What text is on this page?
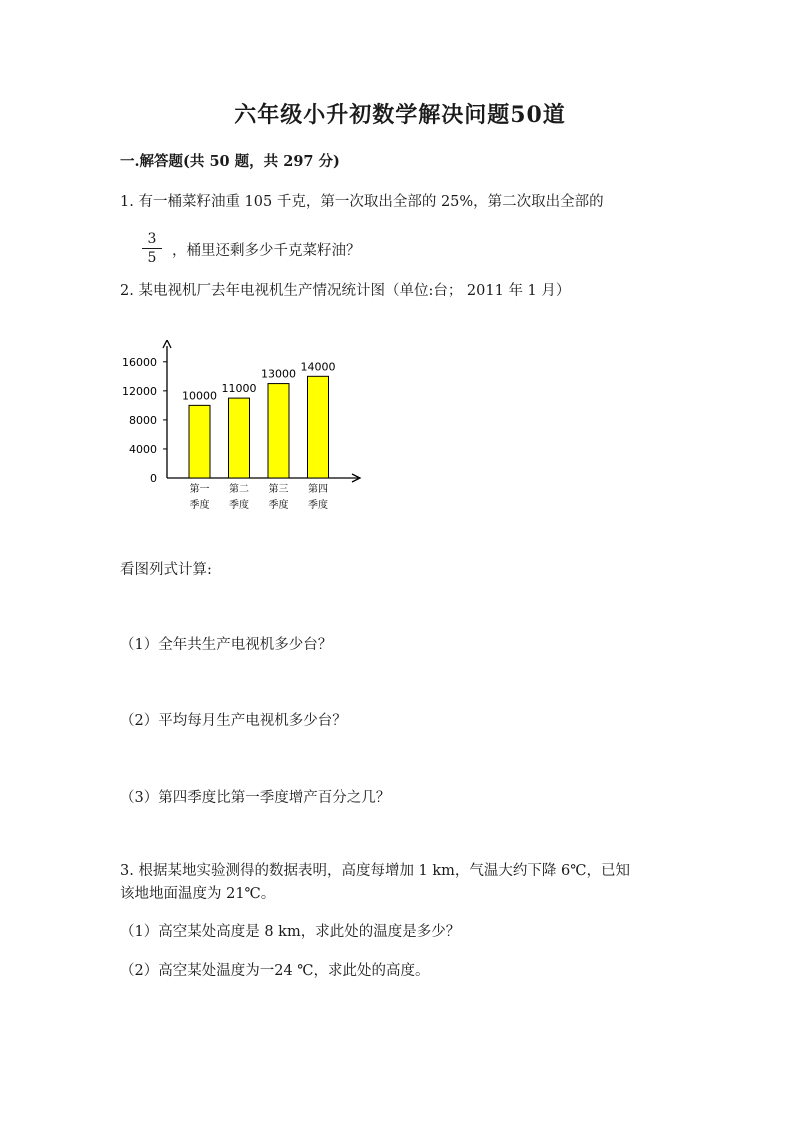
六年级小升初数学解决问题50道
一.解答题(共 50 题，共 297 分)
1. 有一桶菜籽油重 105 千克，第一次取出全部的 25%，第二次取出全部的
3
5	，桶里还剩多少千克菜籽油？
2. 某电视机厂去年电视机生产情况统计图（单位:台； 2011 年 1 月）
0
4000
8000
12000
16000
10000
第一
季度
11000
第二
季度
13000
第三
季度
14000
第四
季度
看图列式计算:
（1）全年共生产电视机多少台？
（2）平均每月生产电视机多少台？
（3）第四季度比第一季度增产百分之几？
3. 根据某地实验测得的数据表明，高度每增加 1 km，气温大约下降 6℃，已知
该地地面温度为 21℃。
（1）高空某处高度是 8 km，求此处的温度是多少？
（2）高空某处温度为一24 ℃，求此处的高度。
